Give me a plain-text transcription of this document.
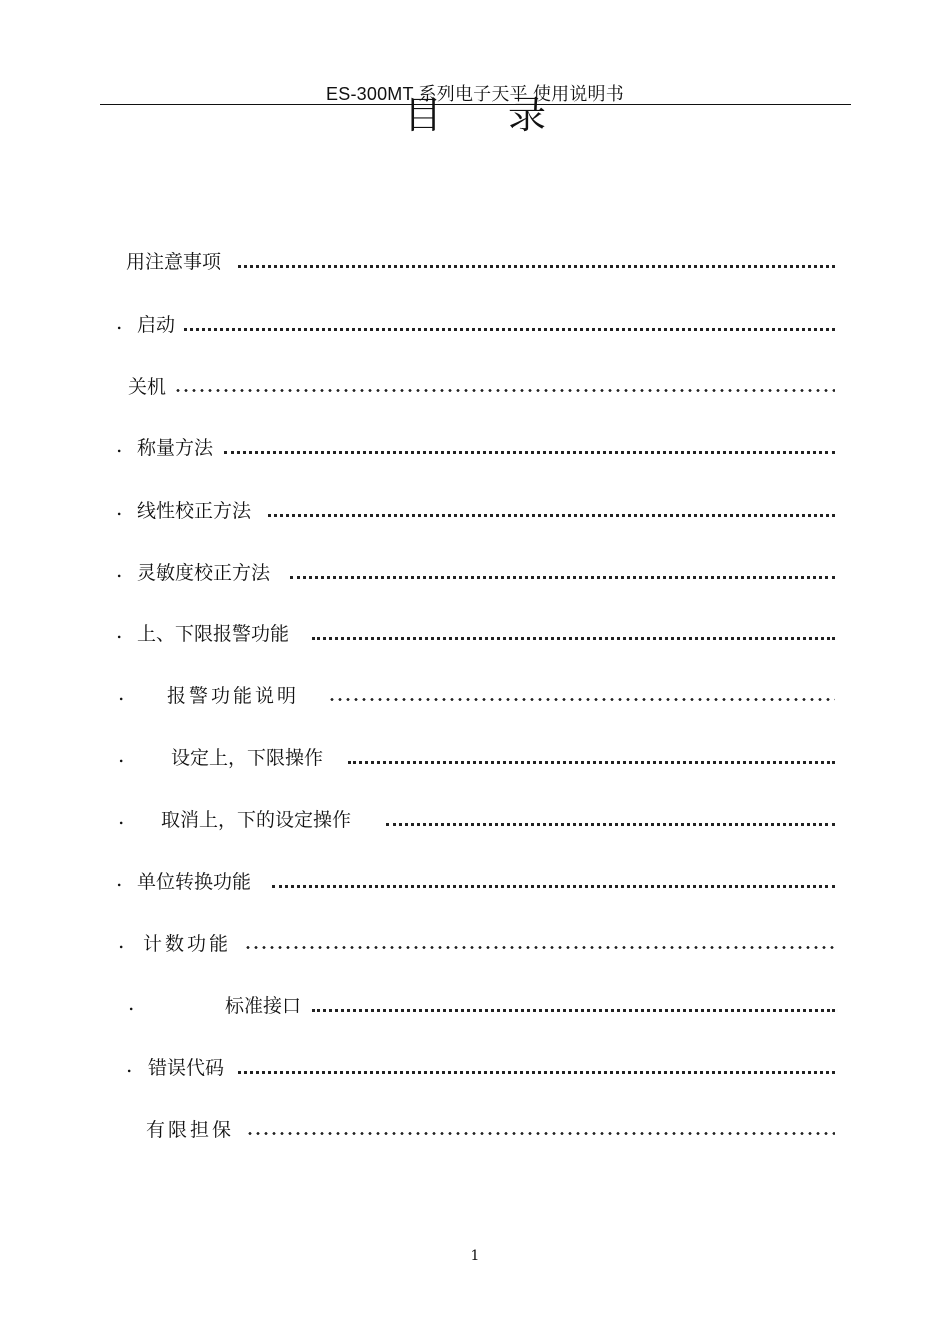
ES-300MT 系列电子天平 使用说明书
目 录
用注意事项
. 启动
关机
. 称量方法
. 线性校正方法
. 灵敏度校正方法
. 上、下限报警功能
. 报警功能说明
. 设定上，下限操作
. 取消上，下的设定操作
. 单位转换功能
. 计数功能
.	标准接口
. 错误代码
有限担保
1
